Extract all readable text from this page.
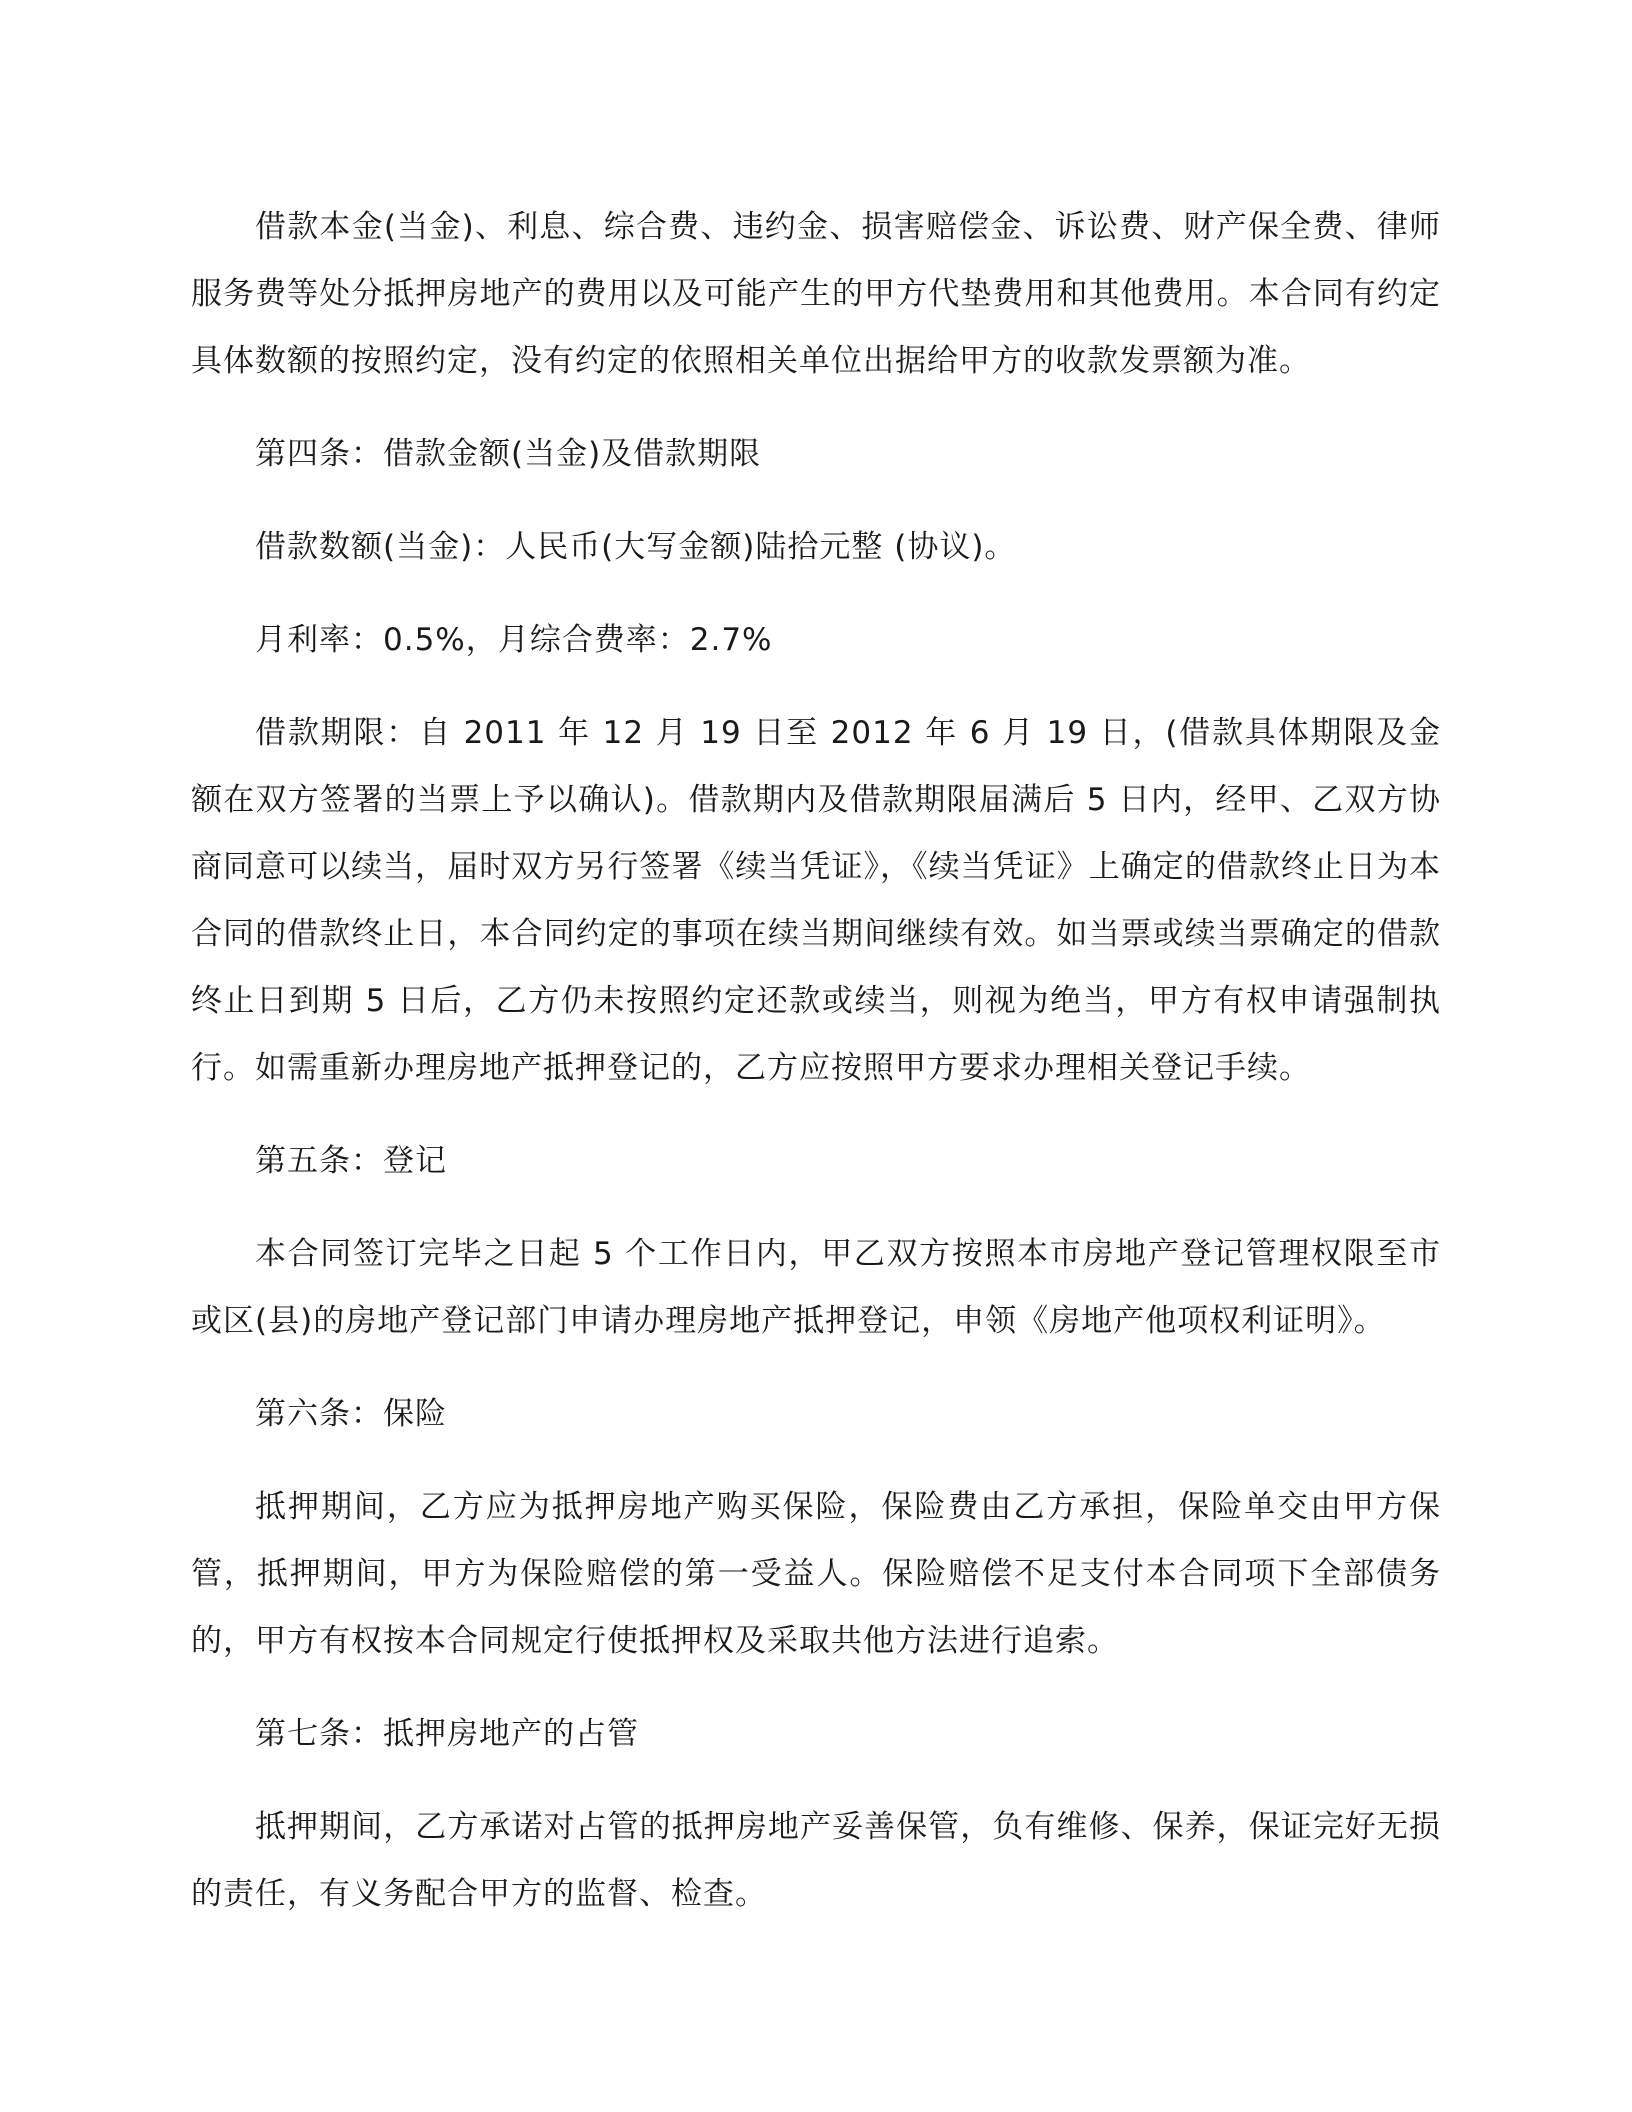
借款本金(当金)、利息、综合费、违约金、损害赔偿金、诉讼费、财产保全费、律师服务费等处分抵押房地产的费用以及可能产生的甲方代垫费用和其他费用。本合同有约定具体数额的按照约定，没有约定的依照相关单位出据给甲方的收款发票额为准。

第四条：借款金额(当金)及借款期限

借款数额(当金)：人民币(大写金额)陆拾元整 (协议)。

月利率：0.5%，月综合费率：2.7%

借款期限：自 2011 年 12 月 19 日至 2012 年 6 月 19 日，(借款具体期限及金额在双方签署的当票上予以确认)。借款期内及借款期限届满后 5 日内，经甲、乙双方协商同意可以续当，届时双方另行签署《续当凭证》，《续当凭证》上确定的借款终止日为本合同的借款终止日，本合同约定的事项在续当期间继续有效。如当票或续当票确定的借款终止日到期 5 日后，乙方仍未按照约定还款或续当，则视为绝当，甲方有权申请强制执行。如需重新办理房地产抵押登记的，乙方应按照甲方要求办理相关登记手续。

第五条：登记

本合同签订完毕之日起 5 个工作日内，甲乙双方按照本市房地产登记管理权限至市或区(县)的房地产登记部门申请办理房地产抵押登记，申领《房地产他项权利证明》。

第六条：保险

抵押期间，乙方应为抵押房地产购买保险，保险费由乙方承担，保险单交由甲方保管，抵押期间，甲方为保险赔偿的第一受益人。保险赔偿不足支付本合同项下全部债务的，甲方有权按本合同规定行使抵押权及采取共他方法进行追索。

第七条：抵押房地产的占管

抵押期间，乙方承诺对占管的抵押房地产妥善保管，负有维修、保养，保证完好无损的责任，有义务配合甲方的监督、检查。
